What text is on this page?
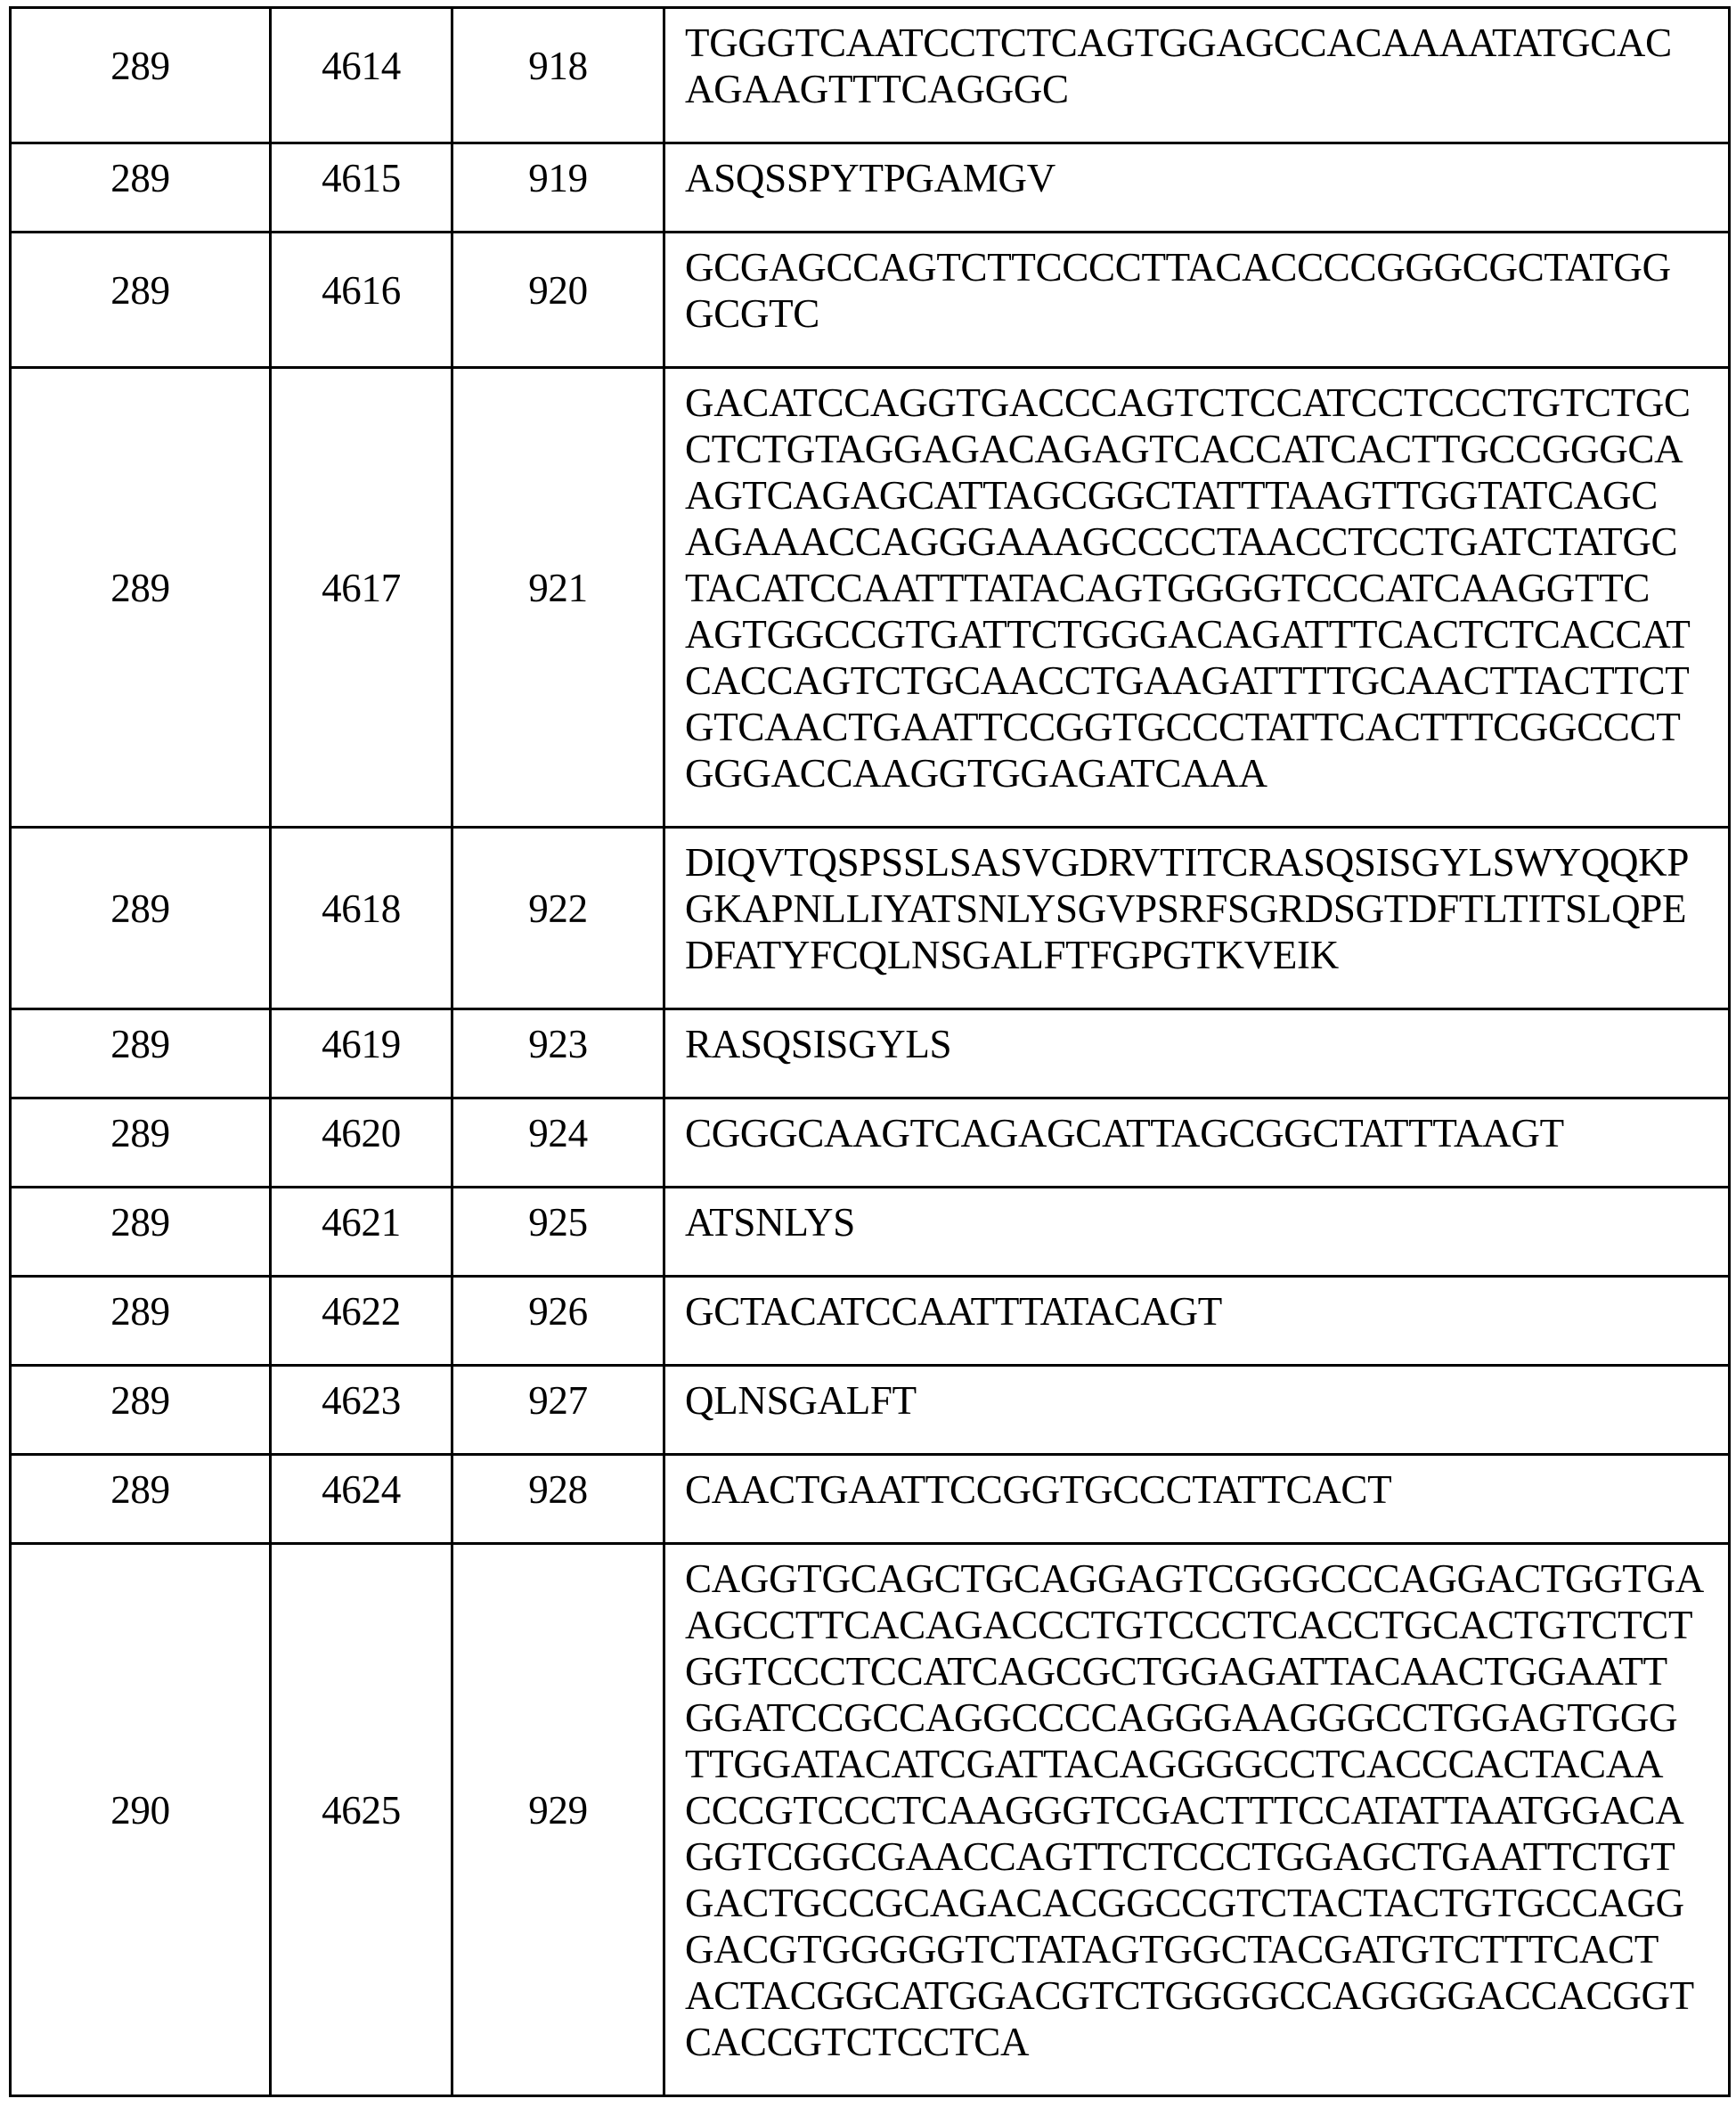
289	4614	918

TGGGTCAATCCTCTCAGTGGAGCCACAAAATATGCAC
AGAAGTTTCAGGGC

289	4615	919	ASQSSPYTPGAMGV

289	4616	920

GCGAGCCAGTCTTCCCCTTACACCCCGGGCGCTATGG
GCGTC

289	4617	921

GACATCCAGGTGACCCAGTCTCCATCCTCCCTGTCTGC
CTCTGTAGGAGACAGAGTCACCATCACTTGCCGGGCA
AGTCAGAGCATTAGCGGCTATTTAAGTTGGTATCAGC
AGAAACCAGGGAAAGCCCCTAACCTCCTGATCTATGC
TACATCCAATTTATACAGTGGGGTCCCATCAAGGTTC
AGTGGCCGTGATTCTGGGACAGATTTCACTCTCACCAT
CACCAGTCTGCAACCTGAAGATTTTGCAACTTACTTCT
GTCAACTGAATTCCGGTGCCCTATTCACTTTCGGCCCT
GGGACCAAGGTGGAGATCAAA

289	4618	922

DIQVTQSPSSLSASVGDRVTITCRASQSISGYLSWYQQKP
GKAPNLLIYATSNLYSGVPSRFSGRDSGTDFTLTITSLQPE
DFATYFCQLNSGALFTFGPGTKVEIK

289	4619	923	RASQSISGYLS

289	4620	924	CGGGCAAGTCAGAGCATTAGCGGCTATTTAAGT

289	4621	925	ATSNLYS

289	4622	926	GCTACATCCAATTTATACAGT

289	4623	927	QLNSGALFT

289	4624	928	CAACTGAATTCCGGTGCCCTATTCACT

290	4625	929

CAGGTGCAGCTGCAGGAGTCGGGCCCAGGACTGGTGA
AGCCTTCACAGACCCTGTCCCTCACCTGCACTGTCTCT
GGTCCCTCCATCAGCGCTGGAGATTACAACTGGAATT
GGATCCGCCAGGCCCCAGGGAAGGGCCTGGAGTGGG
TTGGATACATCGATTACAGGGGCCTCACCCACTACAA
CCCGTCCCTCAAGGGTCGACTTTCCATATTAATGGACA
GGTCGGCGAACCAGTTCTCCCTGGAGCTGAATTCTGT
GACTGCCGCAGACACGGCCGTCTACTACTGTGCCAGG
GACGTGGGGGTCTATAGTGGCTACGATGTCTTTCACT
ACTACGGCATGGACGTCTGGGGCCAGGGGACCACGGT
CACCGTCTCCTCA
